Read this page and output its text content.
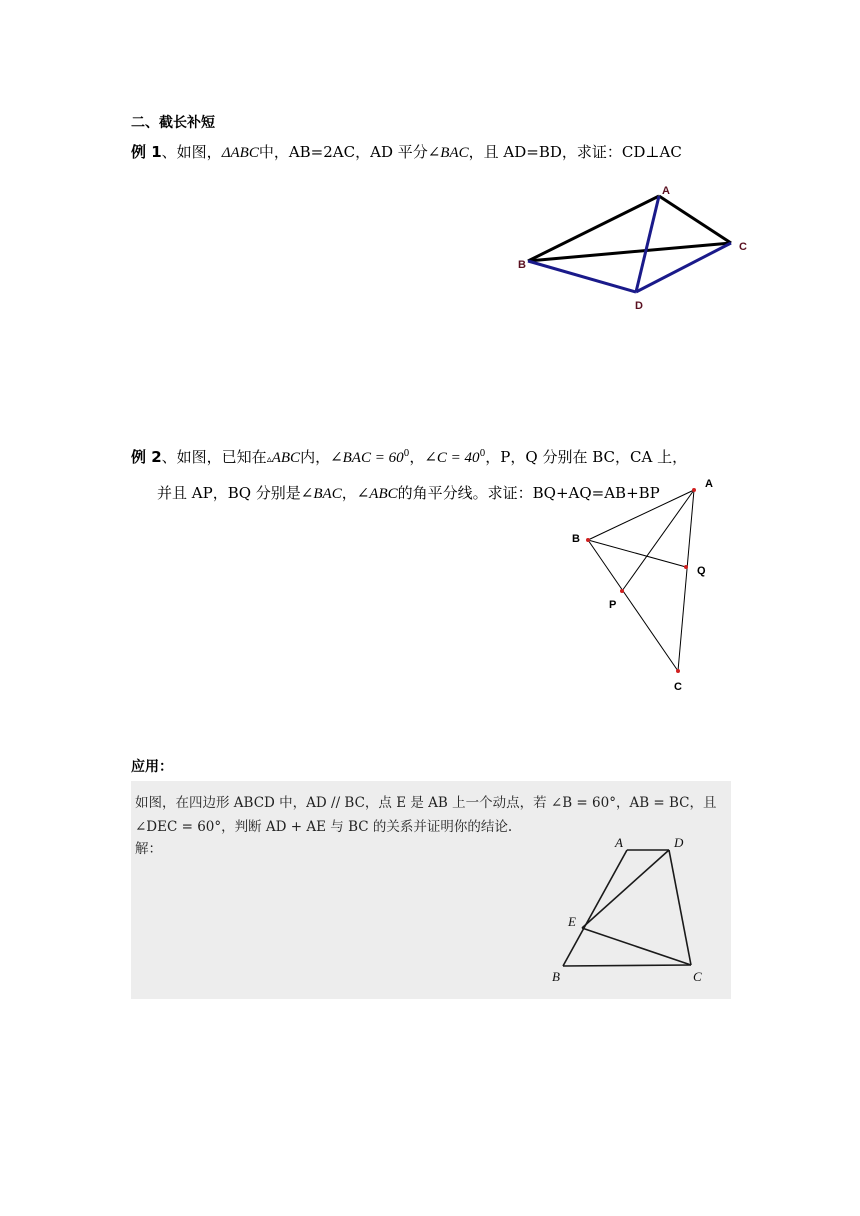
二、截长补短
例 1、如图，ΔABC中，AB=2AC，AD 平分∠BAC，且 AD=BD，求证：CD⊥AC
A
B
C
D
例 2、如图，已知在▵ABC内，∠BAC = $60^0$，∠C = $40^0$，P，Q 分别在 BC，CA 上，
并且 AP，BQ 分别是∠BAC，∠ABC的角平分线。求证：BQ+AQ=AB+BP	A
B
C
P
Q
应用：
如图，在四边形 ABCD 中，AD // BC，点 E 是 AB 上一个动点，若 ∠B = 60°，AB = BC，且
∠DEC = 60°，判断 AD + AE 与 BC 的关系并证明你的结论.
解：	A	D
E
B	C
